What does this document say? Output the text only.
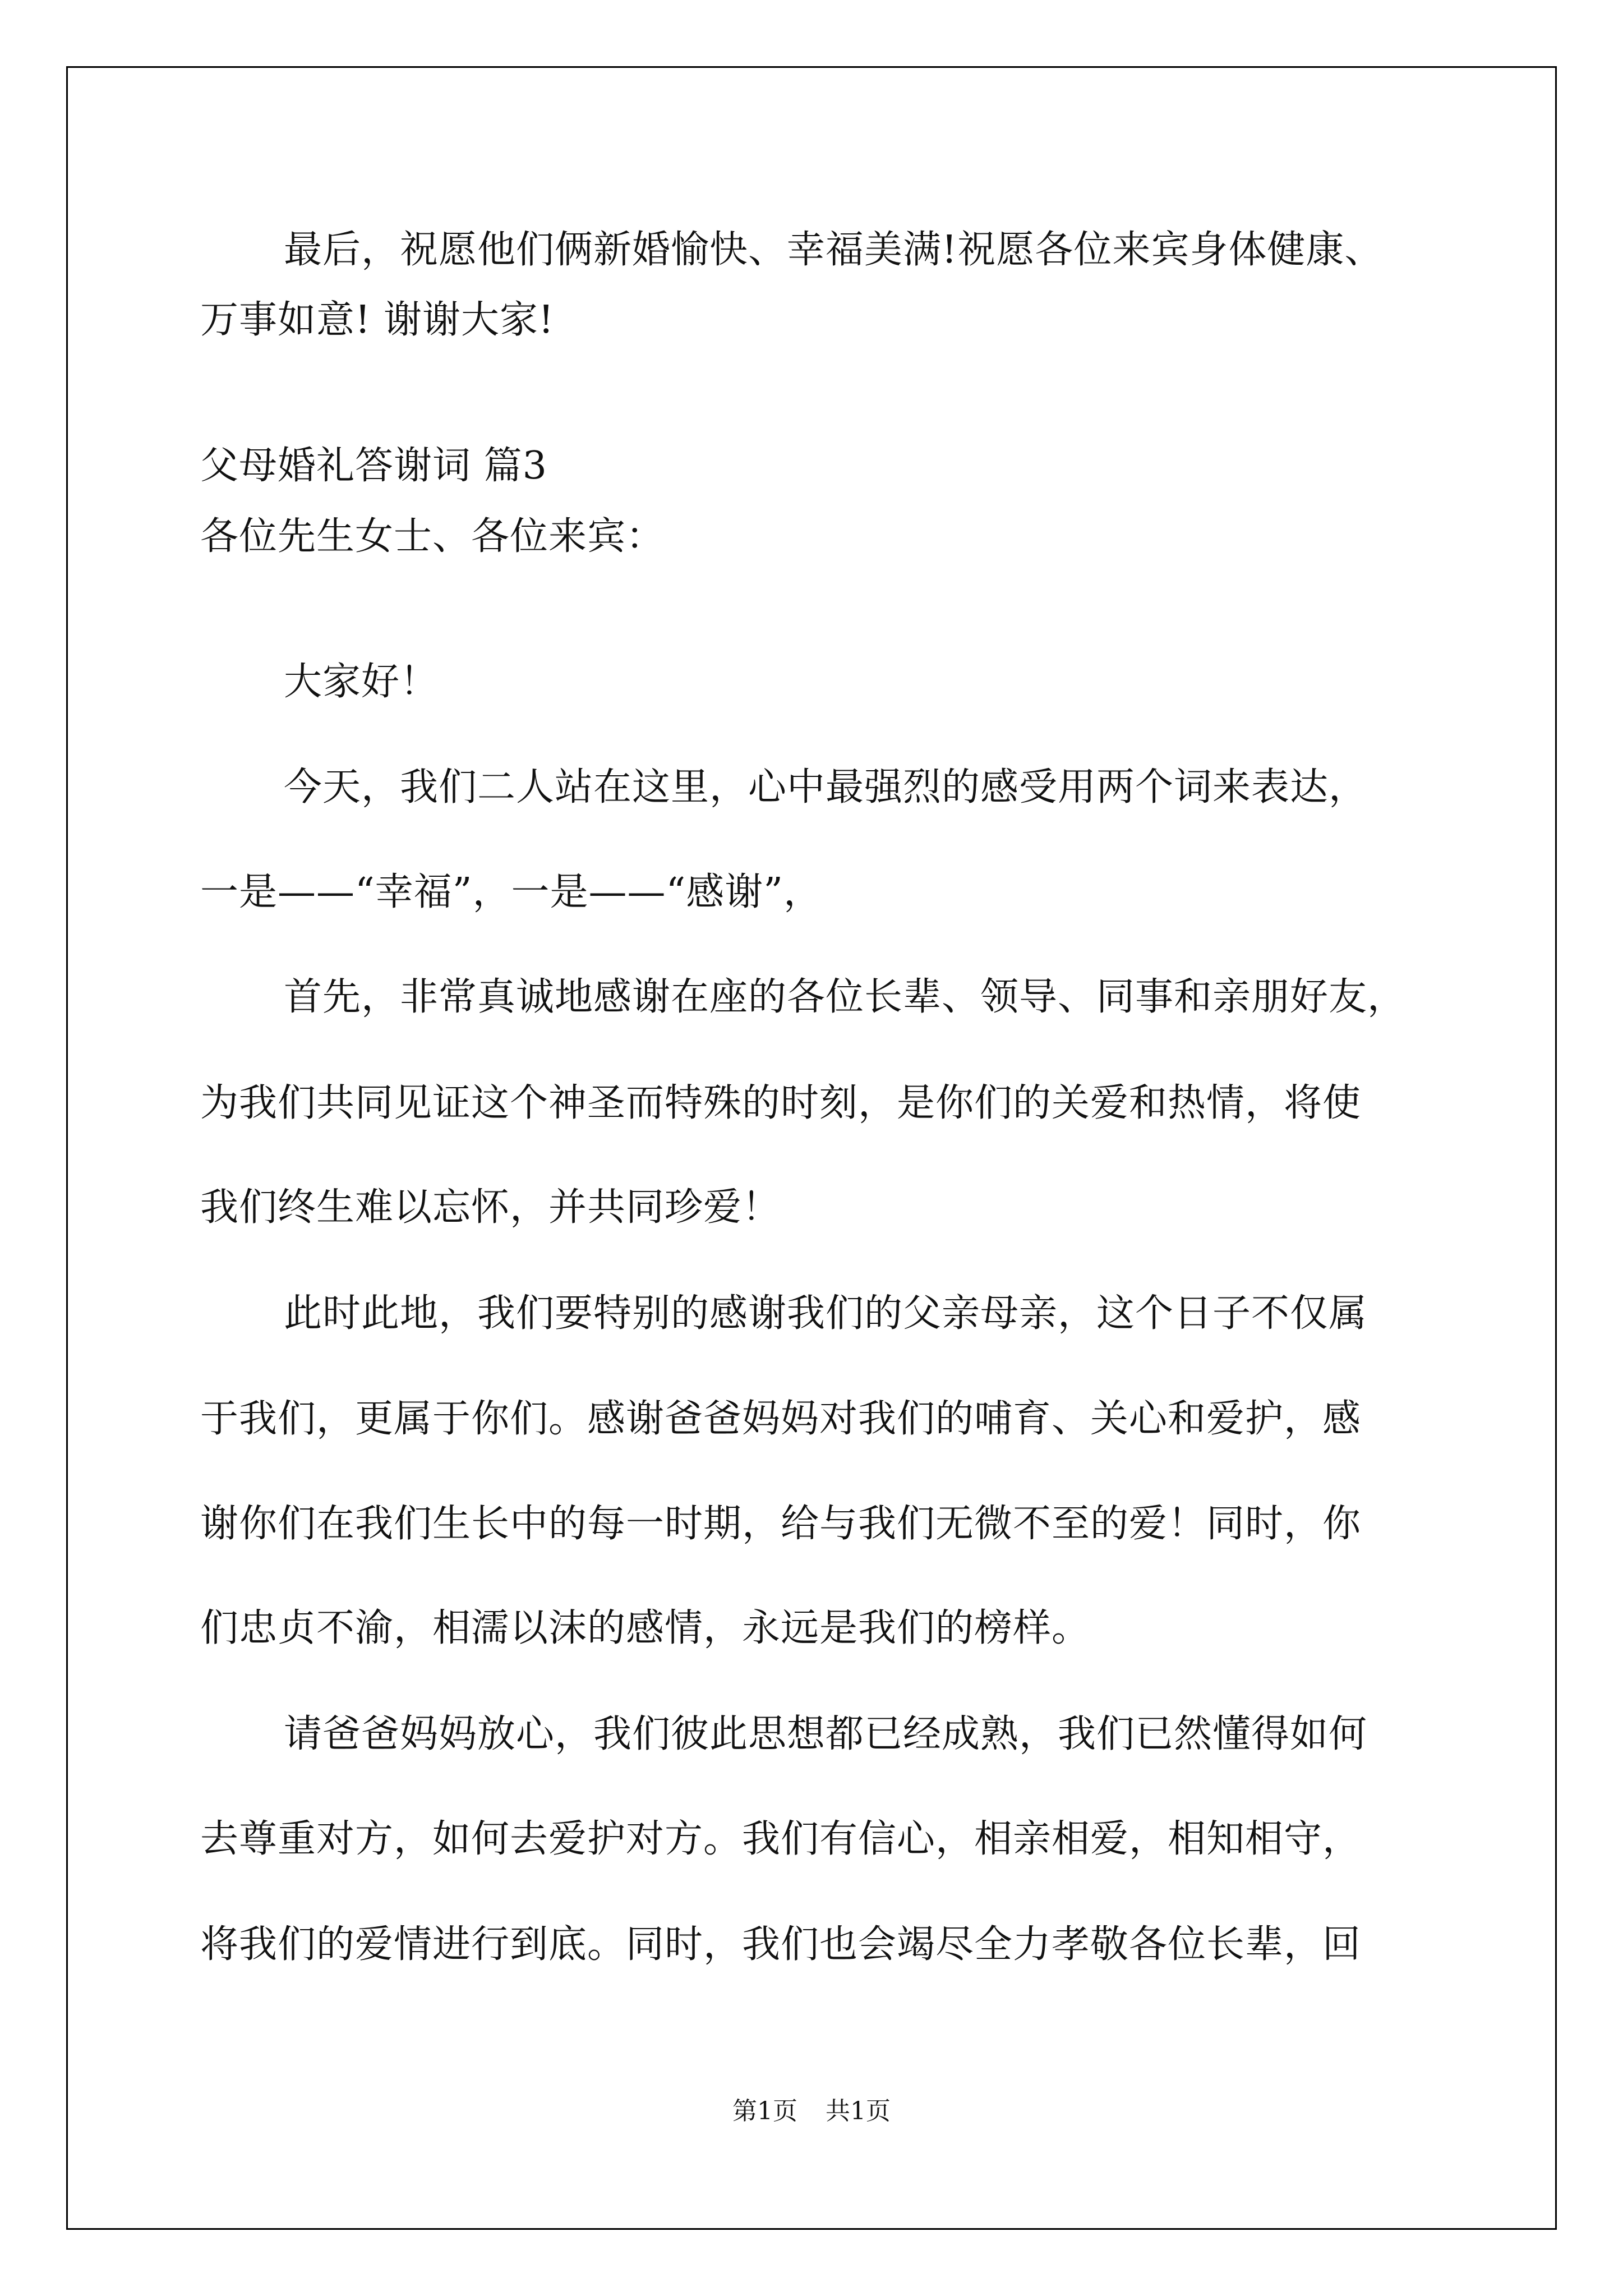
最后，祝愿他们俩新婚愉快、幸福美满!祝愿各位来宾身体健康、
万事如意! 谢谢大家!
父母婚礼答谢词 篇3
各位先生女士、各位来宾：
大家好！
今天，我们二人站在这里，心中最强烈的感受用两个词来表达，
一是——“幸福”，一是——“感谢”，
首先，非常真诚地感谢在座的各位长辈、领导、同事和亲朋好友，
为我们共同见证这个神圣而特殊的时刻，是你们的关爱和热情，将使
我们终生难以忘怀，并共同珍爱！
此时此地，我们要特别的感谢我们的父亲母亲，这个日子不仅属
于我们，更属于你们。感谢爸爸妈妈对我们的哺育、关心和爱护，感
谢你们在我们生长中的每一时期，给与我们无微不至的爱！同时，你
们忠贞不渝，相濡以沫的感情，永远是我们的榜样。
请爸爸妈妈放心，我们彼此思想都已经成熟，我们已然懂得如何
去尊重对方，如何去爱护对方。我们有信心，相亲相爱，相知相守，
将我们的爱情进行到底。同时，我们也会竭尽全力孝敬各位长辈，回
第1页 共1页
